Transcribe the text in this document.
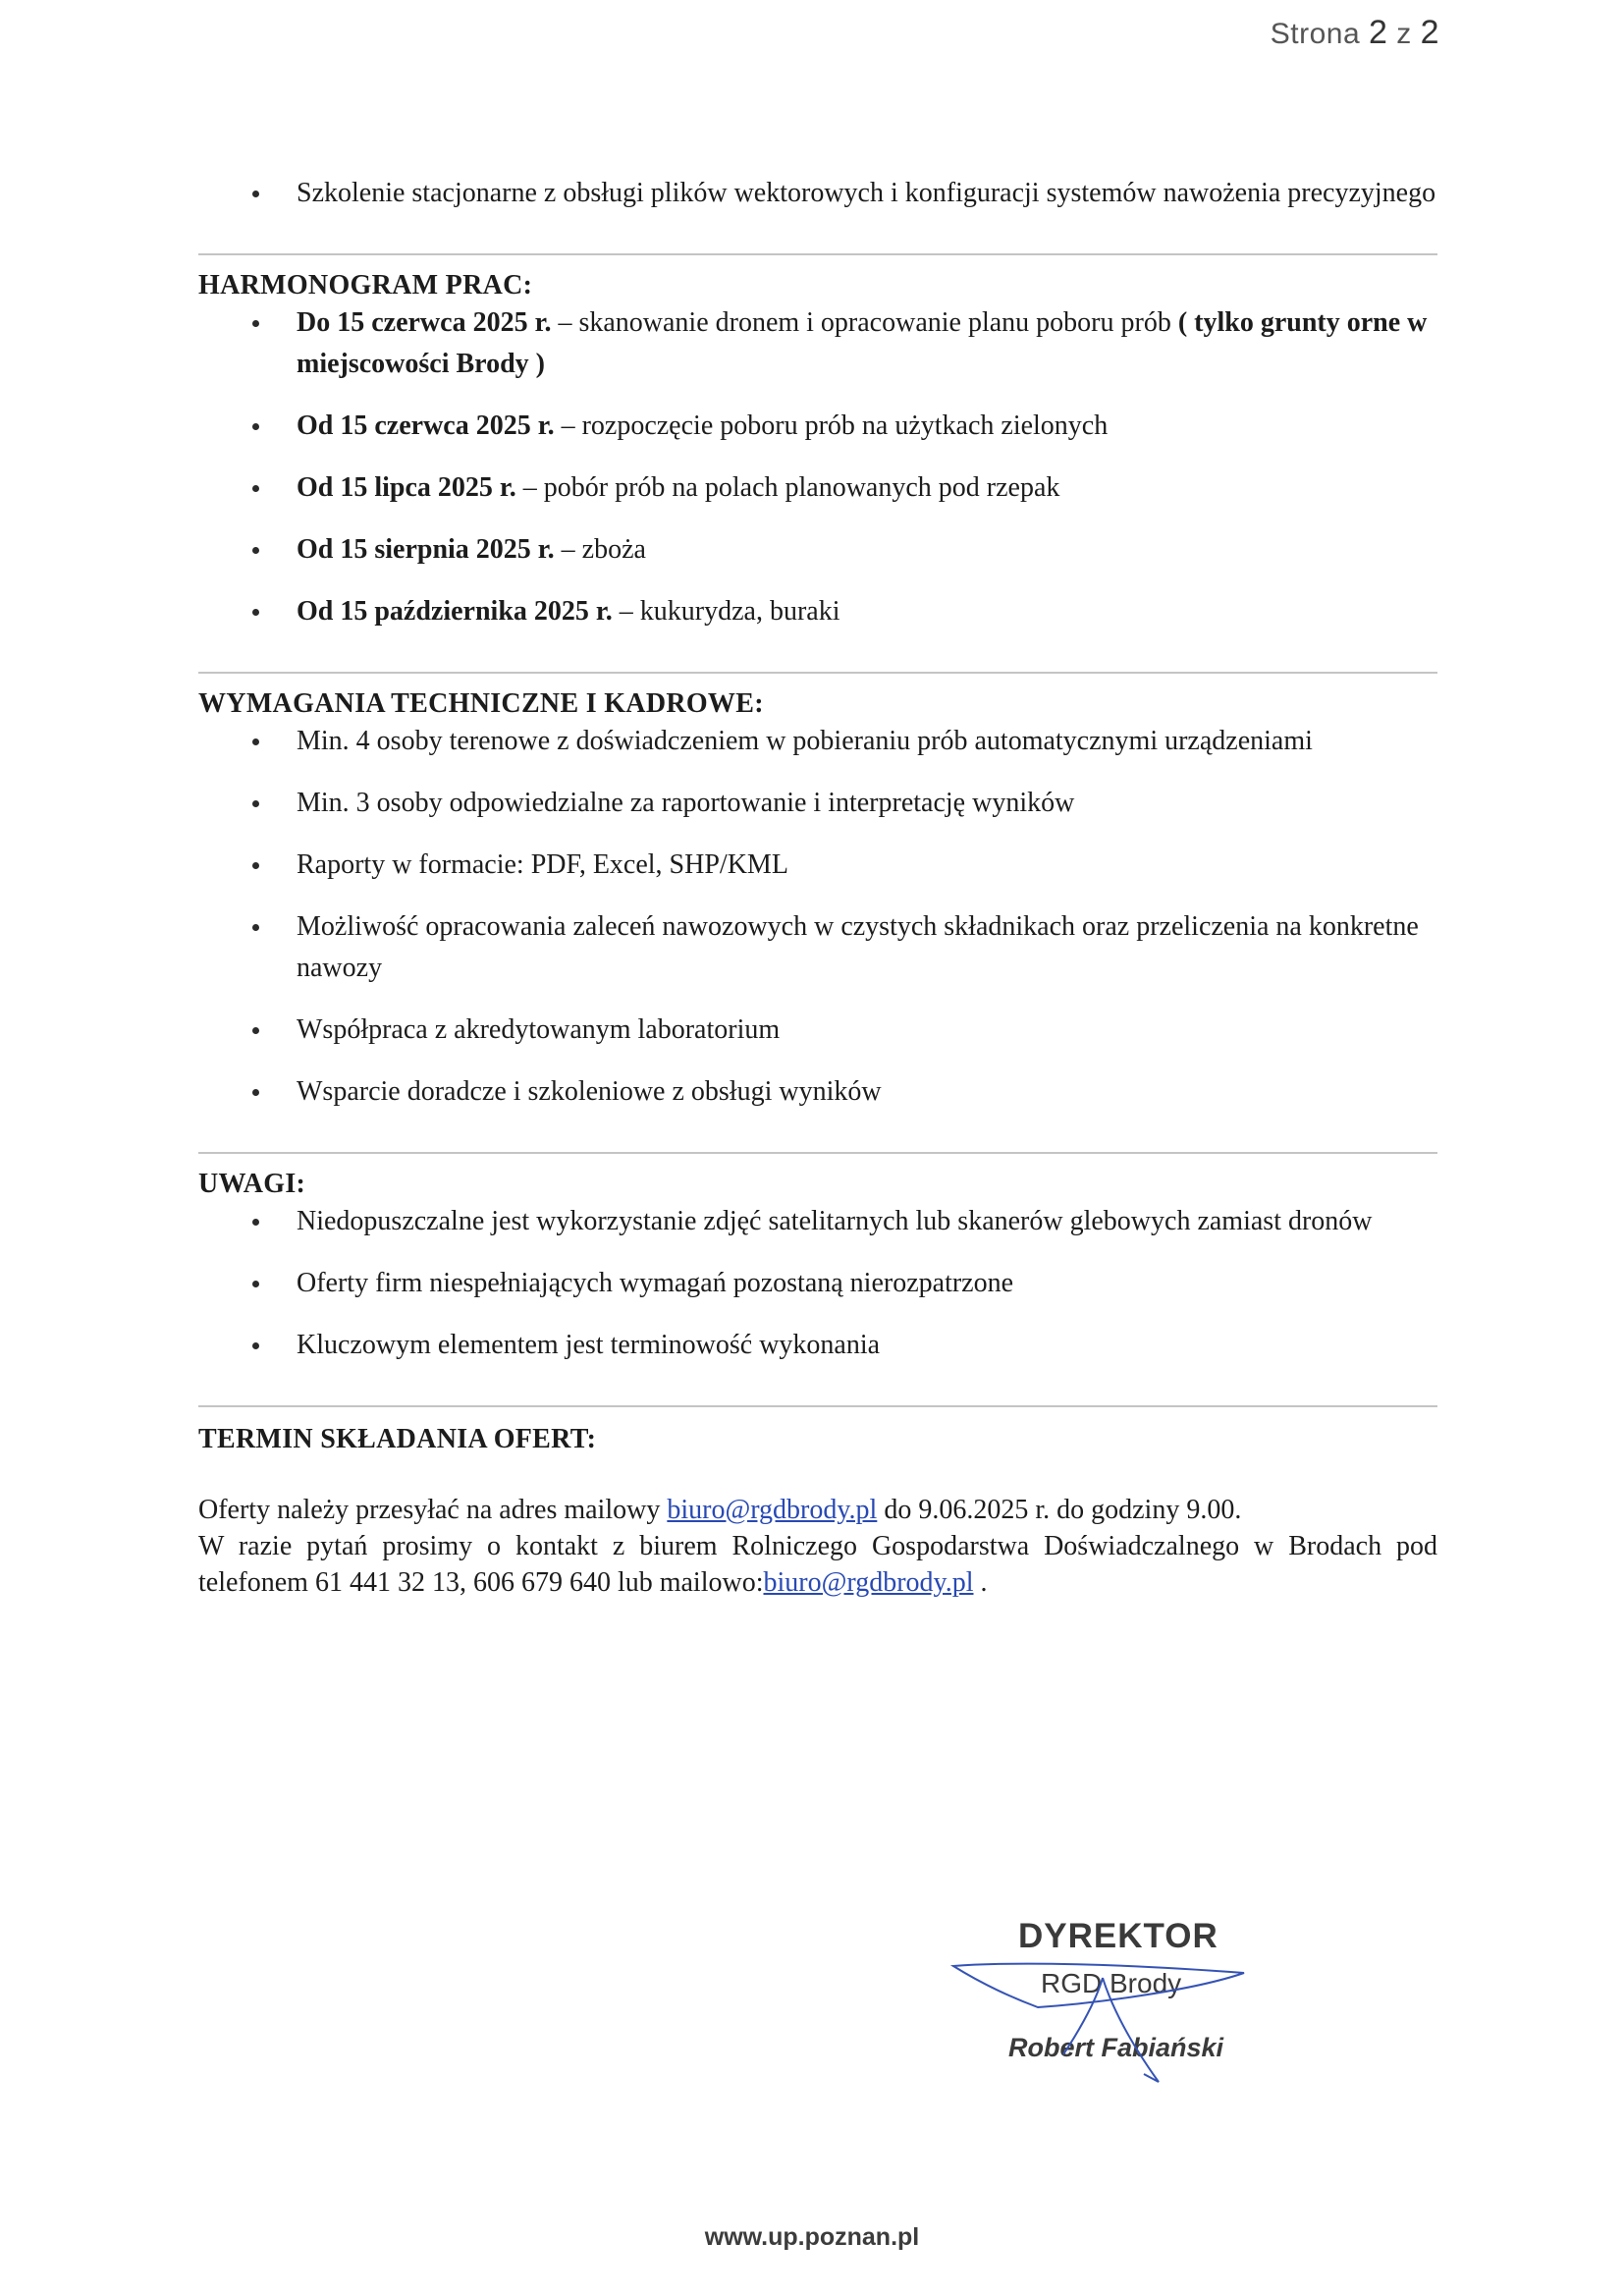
Strona 2 z 2
Szkolenie stacjonarne z obsługi plików wektorowych i konfiguracji systemów nawożenia precyzyjnego
HARMONOGRAM PRAC:
Do 15 czerwca 2025 r. – skanowanie dronem i opracowanie planu poboru prób ( tylko grunty orne w miejscowości Brody )
Od 15 czerwca 2025 r. – rozpoczęcie poboru prób na użytkach zielonych
Od 15 lipca 2025 r. – pobór prób na polach planowanych pod rzepak
Od 15 sierpnia 2025 r. – zboża
Od 15 października 2025 r. – kukurydza, buraki
WYMAGANIA TECHNICZNE I KADROWE:
Min. 4 osoby terenowe z doświadczeniem w pobieraniu prób automatycznymi urządzeniami
Min. 3 osoby odpowiedzialne za raportowanie i interpretację wyników
Raporty w formacie: PDF, Excel, SHP/KML
Możliwość opracowania zaleceń nawozowych w czystych składnikach oraz przeliczenia na konkretne nawozy
Współpraca z akredytowanym laboratorium
Wsparcie doradcze i szkoleniowe z obsługi wyników
UWAGI:
Niedopuszczalne jest wykorzystanie zdjęć satelitarnych lub skanerów glebowych zamiast dronów
Oferty firm niespełniających wymagań pozostaną nierozpatrzone
Kluczowym elementem jest terminowość wykonania
TERMIN SKŁADANIA OFERT:

Oferty należy przesyłać na adres mailowy biuro@rgdbrody.pl do 9.06.2025 r. do godziny 9.00.

W razie pytań prosimy o kontakt z biurem Rolniczego Gospodarstwa Doświadczalnego w Brodach pod telefonem 61 441 32 13, 606 679 640 lub mailowo:biuro@rgdbrody.pl .

DYREKTOR
RGD Brody
Robert Fabiański
www.up.poznan.pl
